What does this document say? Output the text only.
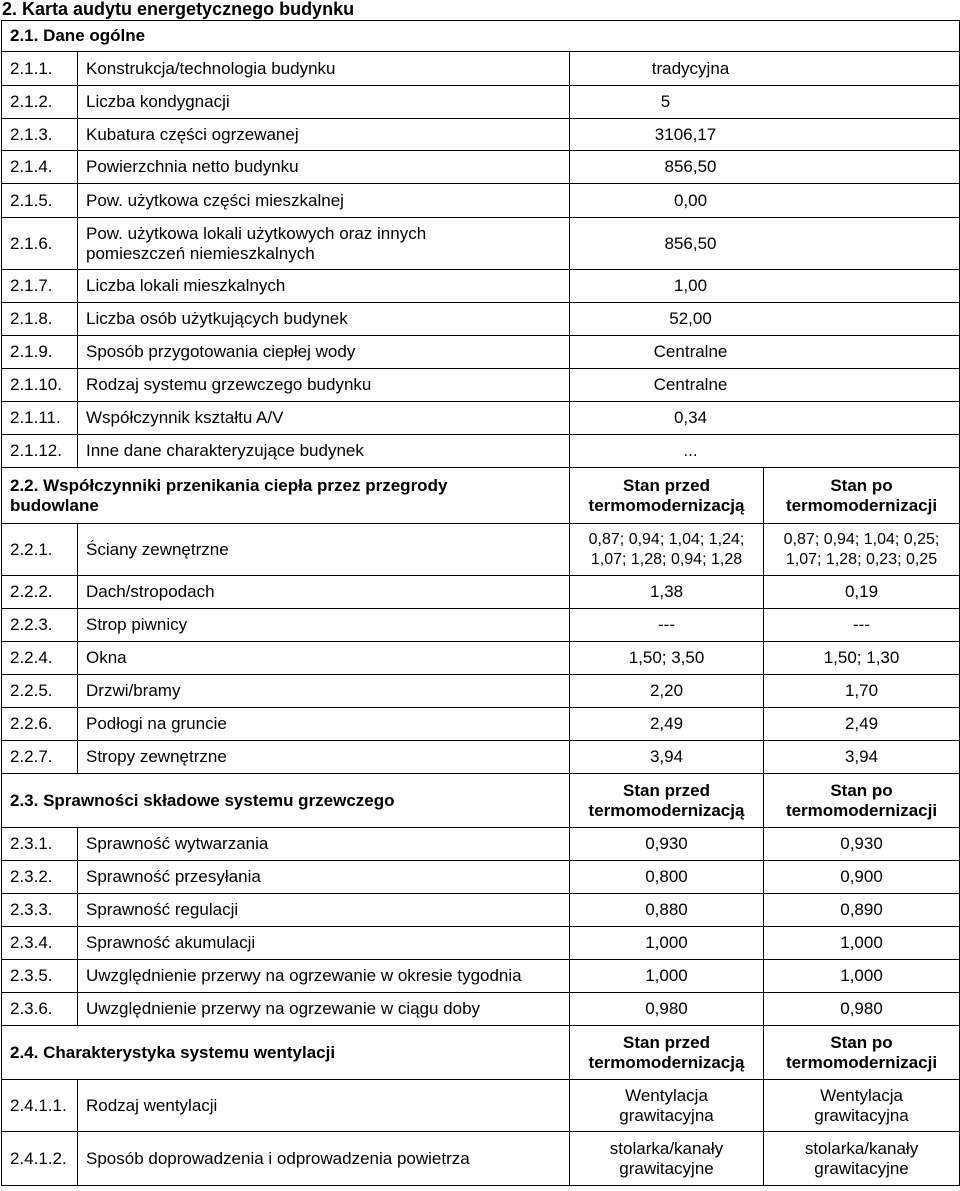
2. Karta audytu energetycznego budynku
2.1. Dane ogólne			
2.1.1.	Konstrukcja/technologia budynku	tradycyjna	
2.1.2.	Liczba kondygnacji	5	
2.1.3.	Kubatura części ogrzewanej	3106,17	
2.1.4.	Powierzchnia netto budynku	856,50	
2.1.5.	Pow. użytkowa części mieszkalnej	0,00	
2.1.6.	Pow. użytkowa lokali użytkowych oraz innych pomieszczeń niemieszkalnych	856,50	
2.1.7.	Liczba lokali mieszkalnych	1,00	
2.1.8.	Liczba osób użytkujących budynek	52,00	
2.1.9.	Sposób przygotowania ciepłej wody	Centralne	
2.1.10.	Rodzaj systemu grzewczego budynku	Centralne	
2.1.11.	Współczynnik kształtu A/V	0,34	
2.1.12.	Inne dane charakteryzujące budynek	...	
2.2. Współczynniki przenikania ciepła przez przegrody budowlane		Stan przed termomodernizacją	Stan po termomodernizacji
2.2.1.	Ściany zewnętrzne	0,87; 0,94; 1,04; 1,24; 1,07; 1,28; 0,94; 1,28	0,87; 0,94; 1,04; 0,25; 1,07; 1,28; 0,23; 0,25
2.2.2.	Dach/stropodach	1,38	0,19
2.2.3.	Strop piwnicy	---	---
2.2.4.	Okna	1,50; 3,50	1,50; 1,30
2.2.5.	Drzwi/bramy	2,20	1,70
2.2.6.	Podłogi na gruncie	2,49	2,49
2.2.7.	Stropy zewnętrzne	3,94	3,94
2.3. Sprawności składowe systemu grzewczego		Stan przed termomodernizacją	Stan po termomodernizacji
2.3.1.	Sprawność wytwarzania	0,930	0,930
2.3.2.	Sprawność przesyłania	0,800	0,900
2.3.3.	Sprawność regulacji	0,880	0,890
2.3.4.	Sprawność akumulacji	1,000	1,000
2.3.5.	Uwzględnienie przerwy na ogrzewanie w okresie tygodnia	1,000	1,000
2.3.6.	Uwzględnienie przerwy na ogrzewanie w ciągu doby	0,980	0,980
2.4. Charakterystyka systemu wentylacji		Stan przed termomodernizacją	Stan po termomodernizacji
2.4.1.1.	Rodzaj wentylacji	Wentylacja grawitacyjna	Wentylacja grawitacyjna
2.4.1.2.	Sposób doprowadzenia i odprowadzenia powietrza	stolarka/kanały grawitacyjne	stolarka/kanały grawitacyjne
